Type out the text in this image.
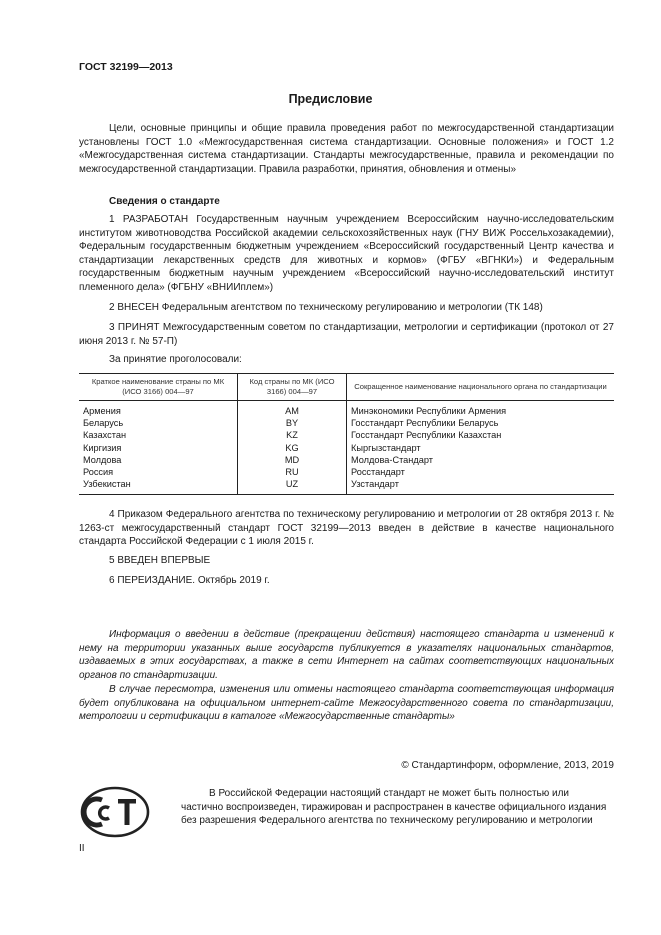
ГОСТ 32199—2013
Предисловие

Цели, основные принципы и общие правила проведения работ по межгосударственной стандартизации установлены ГОСТ 1.0 «Межгосударственная система стандартизации. Основные положения» и ГОСТ 1.2 «Межгосударственная система стандартизации. Стандарты межгосударственные, правила и рекомендации по межгосударственной стандартизации. Правила разработки, принятия, обновления и отмены»

Сведения о стандарте

1 РАЗРАБОТАН Государственным научным учреждением Всероссийским научно-исследовательским институтом животноводства Российской академии сельскохозяйственных наук (ГНУ ВИЖ Россельхозакадемии), Федеральным государственным бюджетным учреждением «Всероссийский государственный Центр качества и стандартизации лекарственных средств для животных и кормов» (ФГБУ «ВГНКИ») и Федеральным государственным бюджетным научным учреждением «Всероссийский научно-исследовательский институт племенного дела» (ФГБНУ «ВНИИплем»)

2 ВНЕСЕН Федеральным агентством по техническому регулированию и метрологии (ТК 148)

3 ПРИНЯТ Межгосударственным советом по стандартизации, метрологии и сертификации (протокол от 27 июня 2013 г. № 57-П)

За принятие проголосовали:

Краткое наименование страны по МК (ИСО 3166) 004—97	Код страны по МК (ИСО 3166) 004—97	Сокращенное наименование национального органа по стандартизации
Армения	AM	Минэкономики Республики Армения
Беларусь	BY	Госстандарт Республики Беларусь
Казахстан	KZ	Госстандарт Республики Казахстан
Киргизия	KG	Кыргызстандарт
Молдова	MD	Молдова-Стандарт
Россия	RU	Росстандарт
Узбекистан	UZ	Узстандарт

4 Приказом Федерального агентства по техническому регулированию и метрологии от 28 октября 2013 г. № 1263-ст межгосударственный стандарт ГОСТ 32199—2013 введен в действие в качестве национального стандарта Российской Федерации с 1 июля 2015 г.

5 ВВЕДЕН ВПЕРВЫЕ

6 ПЕРЕИЗДАНИЕ. Октябрь 2019 г.

Информация о введении в действие (прекращении действия) настоящего стандарта и изменений к нему на территории указанных выше государств публикуется в указателях национальных стандартов, издаваемых в этих государствах, а также в сети Интернет на сайтах соответствующих национальных органов по стандартизации.

В случае пересмотра, изменения или отмены настоящего стандарта соответствующая информация будет опубликована на официальном интернет-сайте Межгосударственного совета по стандартизации, метрологии и сертификации в каталоге «Межгосударственные стандарты»

© Стандартинформ, оформление, 2013, 2019

В Российской Федерации настоящий стандарт не может быть полностью или частично воспроизведен, тиражирован и распространен в качестве официального издания без разрешения Федерального агентства по техническому регулированию и метрологии

II
